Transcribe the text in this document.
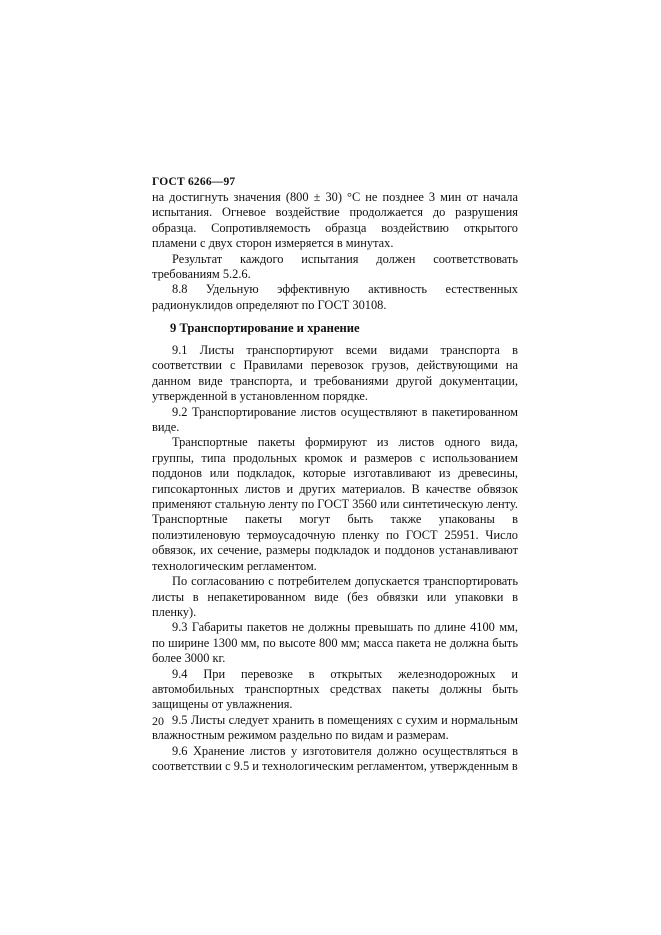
ГОСТ 6266—97

на достигнуть значения (800 ± 30) °С не позднее 3 мин от начала испытания. Огневое воздействие продолжается до разрушения образца. Сопротивляемость образца воздействию открытого пламени с двух сторон измеряется в минутах.

Результат каждого испытания должен соответствовать требованиям 5.2.6.

8.8 Удельную эффективную активность естественных радионуклидов определяют по ГОСТ 30108.

9 Транспортирование и хранение

9.1 Листы транспортируют всеми видами транспорта в соответствии с Правилами перевозок грузов, действующими на данном виде транспорта, и требованиями другой документации, утвержденной в установленном порядке.

9.2 Транспортирование листов осуществляют в пакетированном виде.

Транспортные пакеты формируют из листов одного вида, группы, типа продольных кромок и размеров с использованием поддонов или подкладок, которые изготавливают из древесины, гипсокартонных листов и других материалов. В качестве обвязок применяют стальную ленту по ГОСТ 3560 или синтетическую ленту. Транспортные пакеты могут быть также упакованы в полиэтиленовую термоусадочную пленку по ГОСТ 25951. Число обвязок, их сечение, размеры подкладок и поддонов устанавливают технологическим регламентом.

По согласованию с потребителем допускается транспортировать листы в непакетированном виде (без обвязки или упаковки в пленку).

9.3 Габариты пакетов не должны превышать по длине 4100 мм, по ширине 1300 мм, по высоте 800 мм; масса пакета не должна быть более 3000 кг.

9.4 При перевозке в открытых железнодорожных и автомобильных транспортных средствах пакеты должны быть защищены от увлажнения.

9.5 Листы следует хранить в помещениях с сухим и нормальным влажностным режимом раздельно по видам и размерам.

9.6 Хранение листов у изготовителя должно осуществляться в соответствии с 9.5 и технологическим регламентом, утвержденным в

20
